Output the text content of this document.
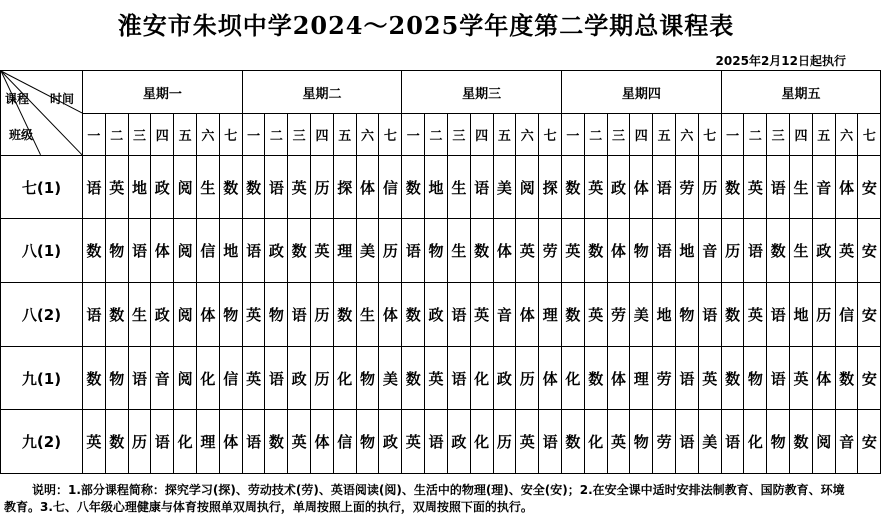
淮安市朱坝中学2024～2025学年度第二学期总课程表
2025年2月12日起执行
课程 时间
班级	星期一							星期二							星期三							星期四							星期五						
	一	二	三	四	五	六	七	一	二	三	四	五	六	七	一	二	三	四	五	六	七	一	二	三	四	五	六	七	一	二	三	四	五	六	七
七(1)	语	英	地	政	阅	生	数	数	语	英	历	探	体	信	数	地	生	语	美	阅	探	数	英	政	体	语	劳	历	数	英	语	生	音	体	安
八(1)	数	物	语	体	阅	信	地	语	政	数	英	理	美	历	语	物	生	数	体	英	劳	英	数	体	物	语	地	音	历	语	数	生	政	英	安
八(2)	语	数	生	政	阅	体	物	英	物	语	历	数	生	体	数	政	语	英	音	体	理	数	英	劳	美	地	物	语	数	英	语	地	历	信	安
九(1)	数	物	语	音	阅	化	信	英	语	政	历	化	物	美	数	英	语	化	政	历	体	化	数	体	理	劳	语	英	数	物	语	英	体	数	安
九(2)	英	数	历	语	化	理	体	语	数	英	体	信	物	政	英	语	政	化	历	英	语	数	化	英	物	劳	语	美	语	化	物	数	阅	音	安
说明：1.部分课程简称：探究学习(探)、劳动技术(劳)、英语阅读(阅)、生活中的物理(理)、安全(安)；2.在安全课中适时安排法制教育、国防教育、环境教育。3.七、八年级心理健康与体育按照单双周执行，单周按照上面的执行，双周按照下面的执行。
